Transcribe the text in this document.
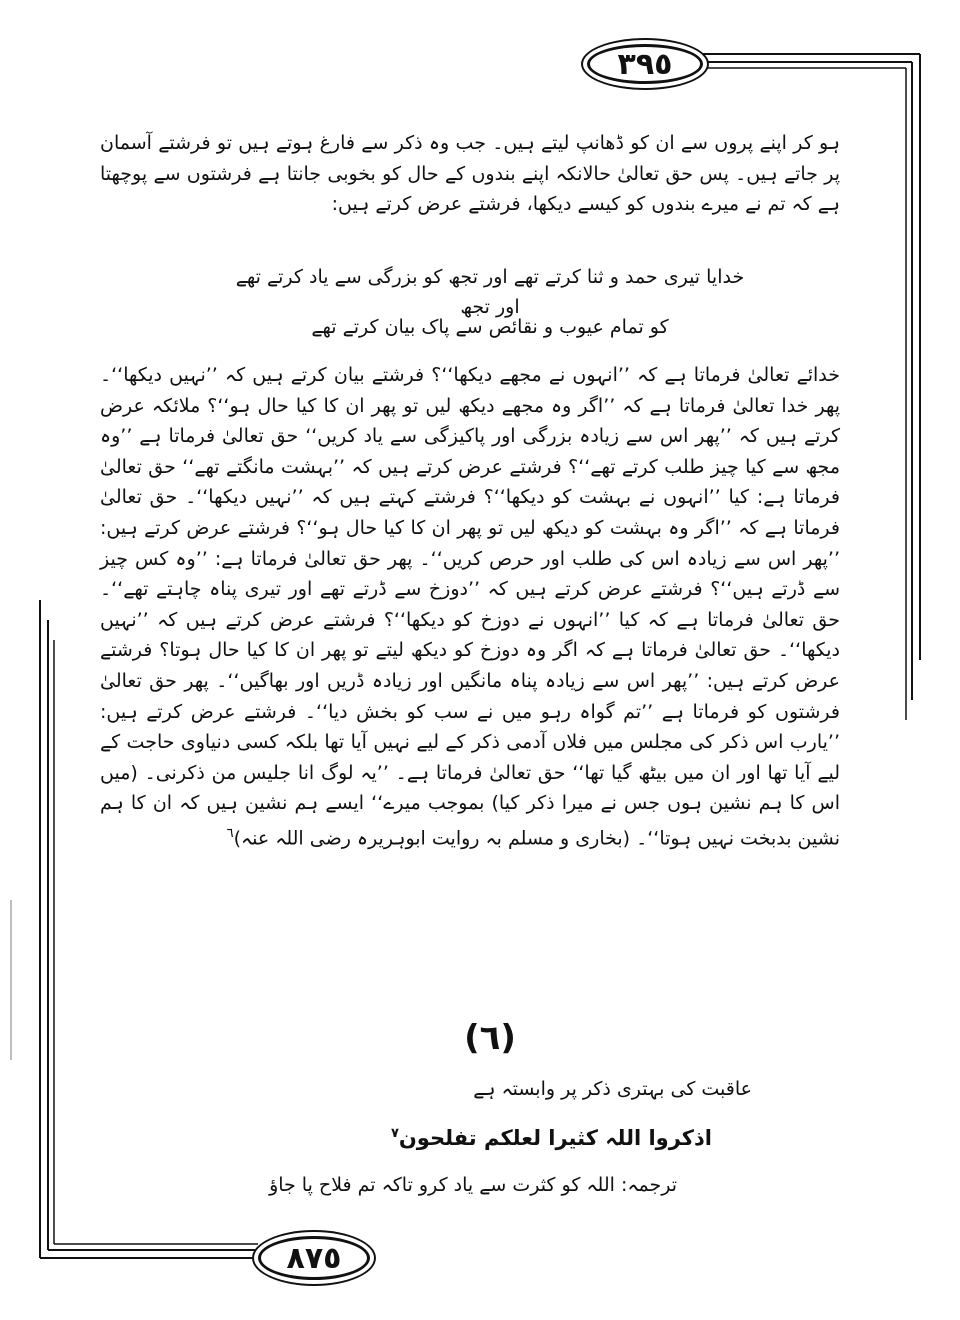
٣٩٥
ہو کر اپنے پروں سے ان کو ڈھانپ لیتے ہیں۔ جب وہ ذکر سے فارغ ہوتے ہیں تو فرشتے آسمان پر جاتے ہیں۔ پس حق تعالیٰ حالانکہ اپنے بندوں کے حال کو بخوبی جانتا ہے فرشتوں سے پوچھتا ہے کہ تم نے میرے بندوں کو کیسے دیکھا، فرشتے عرض کرتے ہیں:
خدایا تیری حمد و ثنا کرتے تھے اور تجھ کو بزرگی سے یاد کرتے تھے اور تجھ
کو تمام عیوب و نقائص سے پاک بیان کرتے تھے
خدائے تعالیٰ فرماتا ہے کہ ’’انہوں نے مجھے دیکھا‘‘؟ فرشتے بیان کرتے ہیں کہ ’’نہیں دیکھا‘‘۔ پھر خدا تعالیٰ فرماتا ہے کہ ’’اگر وہ مجھے دیکھ لیں تو پھر ان کا کیا حال ہو‘‘؟ ملائکہ عرض کرتے ہیں کہ ’’پھر اس سے زیادہ بزرگی اور پاکیزگی سے یاد کریں‘‘ حق تعالیٰ فرماتا ہے ’’وہ مجھ سے کیا چیز طلب کرتے تھے‘‘؟ فرشتے عرض کرتے ہیں کہ ’’بہشت مانگتے تھے‘‘ حق تعالیٰ فرماتا ہے: کیا ’’انہوں نے بہشت کو دیکھا‘‘؟ فرشتے کہتے ہیں کہ ’’نہیں دیکھا‘‘۔ حق تعالیٰ فرماتا ہے کہ ’’اگر وہ بہشت کو دیکھ لیں تو پھر ان کا کیا حال ہو‘‘؟ فرشتے عرض کرتے ہیں: ’’پھر اس سے زیادہ اس کی طلب اور حرص کریں‘‘۔ پھر حق تعالیٰ فرماتا ہے: ’’وہ کس چیز سے ڈرتے ہیں‘‘؟ فرشتے عرض کرتے ہیں کہ ’’دوزخ سے ڈرتے تھے اور تیری پناہ چاہتے تھے‘‘۔ حق تعالیٰ فرماتا ہے کہ کیا ’’انہوں نے دوزخ کو دیکھا‘‘؟ فرشتے عرض کرتے ہیں کہ ’’نہیں دیکھا‘‘۔ حق تعالیٰ فرماتا ہے کہ اگر وہ دوزخ کو دیکھ لیتے تو پھر ان کا کیا حال ہوتا؟ فرشتے عرض کرتے ہیں: ’’پھر اس سے زیادہ پناہ مانگیں اور زیادہ ڈریں اور بھاگیں‘‘۔ پھر حق تعالیٰ فرشتوں کو فرماتا ہے ’’تم گواہ رہو میں نے سب کو بخش دیا‘‘۔ فرشتے عرض کرتے ہیں: ’’یارب اس ذکر کی مجلس میں فلاں آدمی ذکر کے لیے نہیں آیا تھا بلکہ کسی دنیاوی حاجت کے لیے آیا تھا اور ان میں بیٹھ گیا تھا‘‘ حق تعالیٰ فرماتا ہے۔ ’’یہ لوگ انا جلیس من ذکرنی۔ (میں اس کا ہم نشین ہوں جس نے میرا ذکر کیا) بموجب میرے‘‘ ایسے ہم نشین ہیں کہ ان کا ہم نشین بدبخت نہیں ہوتا‘‘۔ (بخاری و مسلم بہ روایت ابوہریرہ رضی اللہ عنہ)$^٦$
(٦)
عاقبت کی بہتری ذکر پر وابستہ ہے
اذکروا اللہ کثیرا لعلکم تفلحون$^٧$
ترجمہ: اللہ کو کثرت سے یاد کرو تاکہ تم فلاح پا جاؤ
٨٧٥
